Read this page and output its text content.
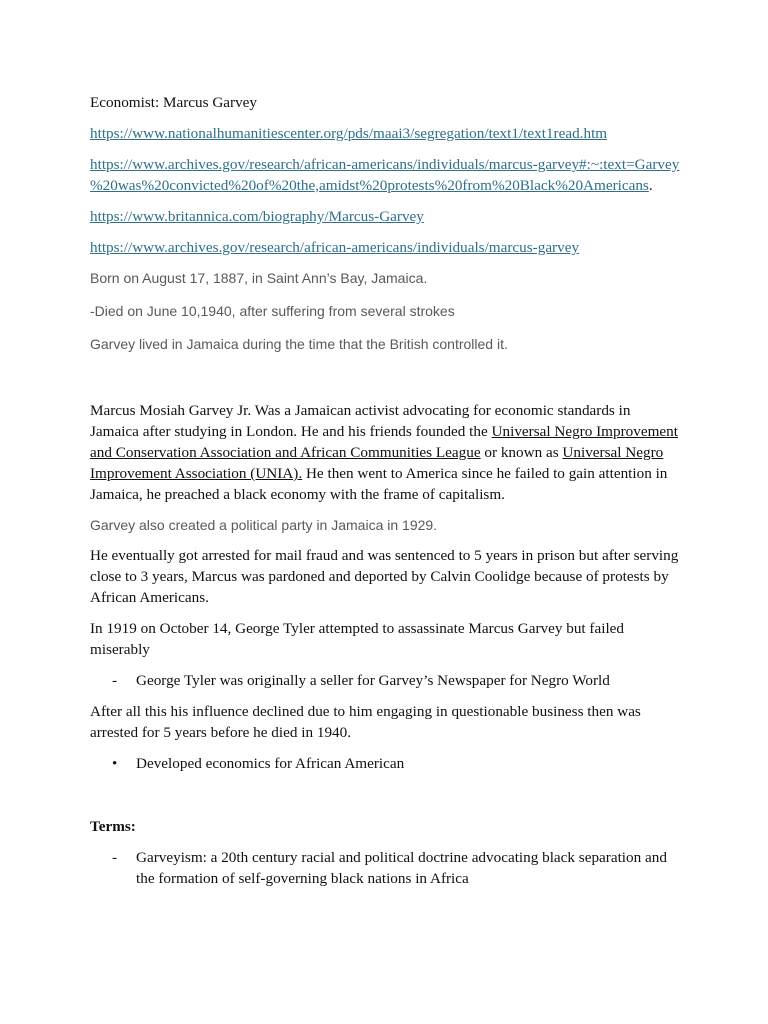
Economist: Marcus Garvey
https://www.nationalhumanitiescenter.org/pds/maai3/segregation/text1/text1read.htm
https://www.archives.gov/research/african-americans/individuals/marcus-garvey#:~:text=Garvey
%20was%20convicted%20of%20the,amidst%20protests%20from%20Black%20Americans.
https://www.britannica.com/biography/Marcus-Garvey
https://www.archives.gov/research/african-americans/individuals/marcus-garvey
Born on August 17, 1887, in Saint Ann’s Bay, Jamaica.
-Died on June 10,1940, after suffering from several strokes
Garvey lived in Jamaica during the time that the British controlled it.
Marcus Mosiah Garvey Jr. Was a Jamaican activist advocating for economic standards in
Jamaica after studying in London. He and his friends founded the Universal Negro Improvement
and Conservation Association and African Communities League or known as Universal Negro
Improvement Association (UNIA). He then went to America since he failed to gain attention in
Jamaica, he preached a black economy with the frame of capitalism.
Garvey also created a political party in Jamaica in 1929.
He eventually got arrested for mail fraud and was sentenced to 5 years in prison but after serving
close to 3 years, Marcus was pardoned and deported by Calvin Coolidge because of protests by
African Americans.
In 1919 on October 14, George Tyler attempted to assassinate Marcus Garvey but failed
miserably
- George Tyler was originally a seller for Garvey’s Newspaper for Negro World
After all this his influence declined due to him engaging in questionable business then was
arrested for 5 years before he died in 1940.
• Developed economics for African American
Terms:
- Garveyism: a 20th century racial and political doctrine advocating black separation and
the formation of self-governing black nations in Africa
